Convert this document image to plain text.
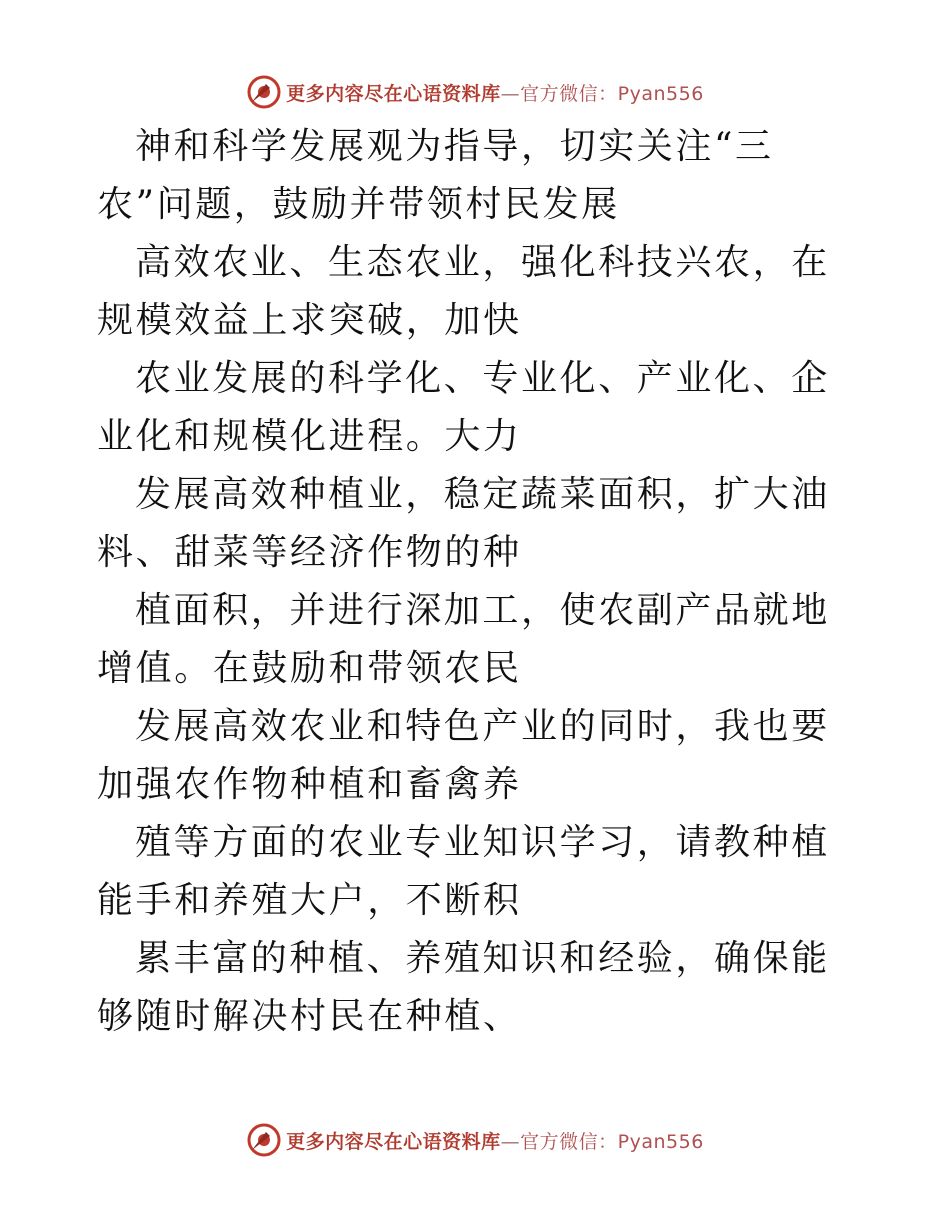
更多内容尽在心语资料库—官方微信：Pyan556

神和科学发展观为指导，切实关注“三农”问题，鼓励并带领村民发展

高效农业、生态农业，强化科技兴农，在规模效益上求突破，加快

农业发展的科学化、专业化、产业化、企业化和规模化进程。大力

发展高效种植业，稳定蔬菜面积，扩大油料、甜菜等经济作物的种

植面积，并进行深加工，使农副产品就地增值。在鼓励和带领农民

发展高效农业和特色产业的同时，我也要加强农作物种植和畜禽养

殖等方面的农业专业知识学习，请教种植能手和养殖大户，不断积

累丰富的种植、养殖知识和经验，确保能够随时解决村民在种植、

更多内容尽在心语资料库—官方微信：Pyan556
